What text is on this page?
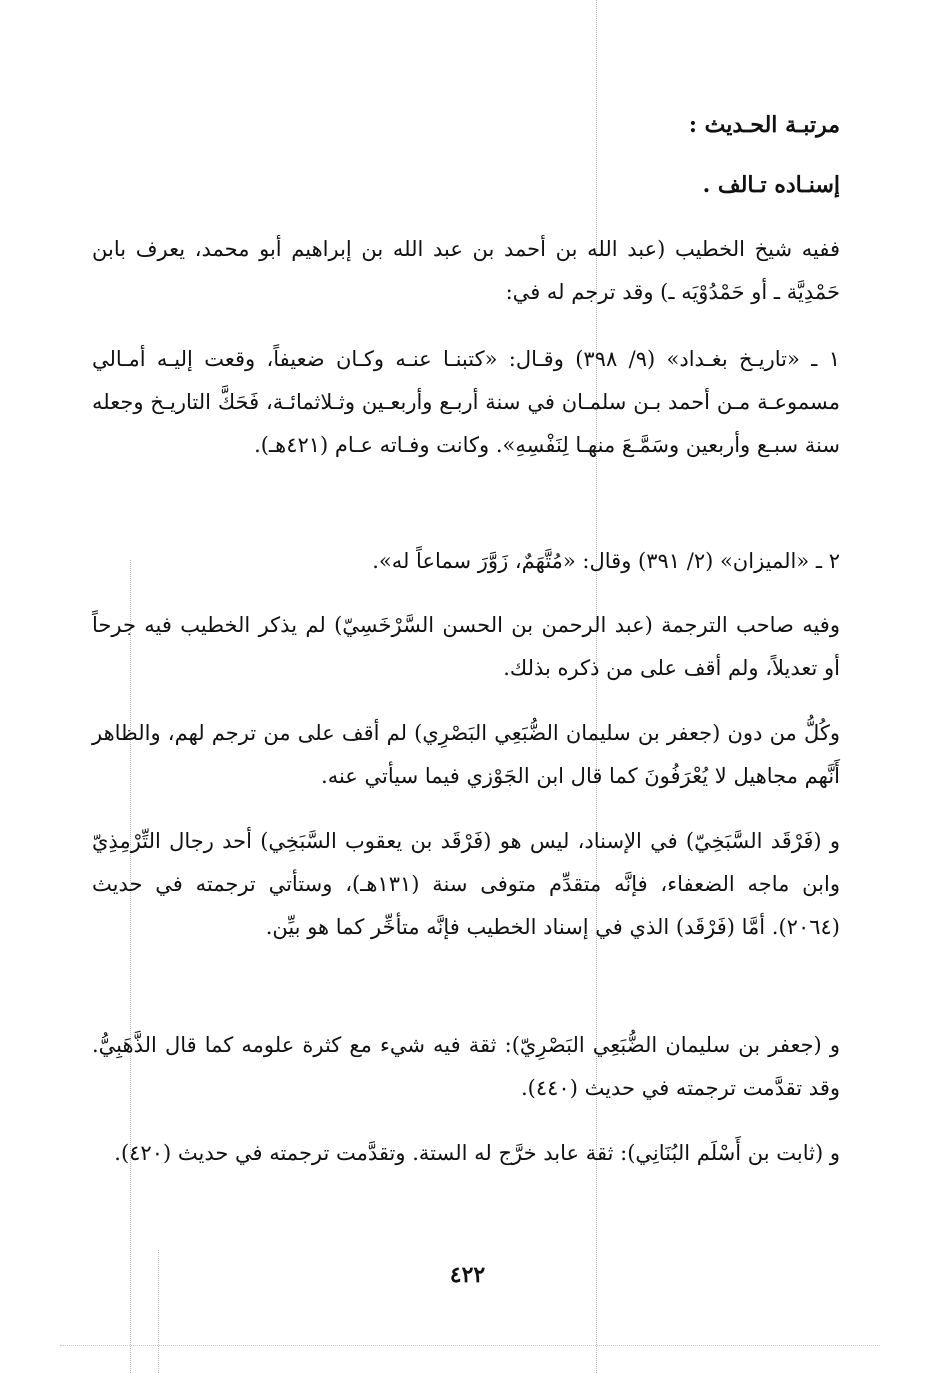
مرتبـة الحـديث :
إسنـاده تـالف .
ففيه شيخ الخطيب (عبد الله بن أحمد بن عبد الله بن إبراهيم أبو محمد، يعرف بابن حَمْدِيَّة ـ أو حَمْدُوْيَه ـ) وقد ترجم له في:
١ ـ «تاريـخ بغـداد» (٩/ ٣٩٨) وقـال: «كتبنـا عنـه وكـان ضعيفاً، وقعت إليـه أمـالي مسموعـة مـن أحمد بـن سلمـان في سنة أربـع وأربعـين وثـلاثمائـة، فَحَكَّ التاريـخ وجعله سنة سبـع وأربعين وسَمَّـعَ منهـا لِنَفْسِهِ». وكانت وفـاته عـام (٤٢١هـ).
٢ ـ «الميزان» (٢/ ٣٩١) وقال: «مُتَّهَمٌ، زَوَّرَ سماعاً له».
وفيه صاحب الترجمة (عبد الرحمن بن الحسن السَّرْخَسِيّ) لم يذكر الخطيب فيه جرحاً أو تعديلاً، ولم أقف على من ذكره بذلك.
وكُلُّ من دون (جعفر بن سليمان الضُّبَعِي البَصْرِي) لم أقف على من ترجم لهم، والظاهر أَنَّهم مجاهيل لا يُعْرَفُونَ كما قال ابن الجَوْزي فيما سيأتي عنه.
و (فَرْقَد السَّبَخِيّ) في الإسناد، ليس هو (فَرْقَد بن يعقوب السَّبَخِي) أحد رجال التِّرْمِذِيّ وابن ماجه الضعفاء، فإنَّه متقدِّم متوفى سنة (١٣١هـ)، وستأتي ترجمته في حديث (٢٠٦٤). أمَّا (فَرْقَد) الذي في إسناد الخطيب فإنَّه متأخِّر كما هو بيِّن.
و (جعفر بن سليمان الضُّبَعِي البَصْرِيّ): ثقة فيه شيء مع كثرة علومه كما قال الذَّهَبِيُّ. وقد تقدَّمت ترجمته في حديث (٤٤٠).
و (ثابت بن أَسْلَم البُنَانِي): ثقة عابد خرَّج له الستة. وتقدَّمت ترجمته في حديث (٤٢٠).
٤٢٢
